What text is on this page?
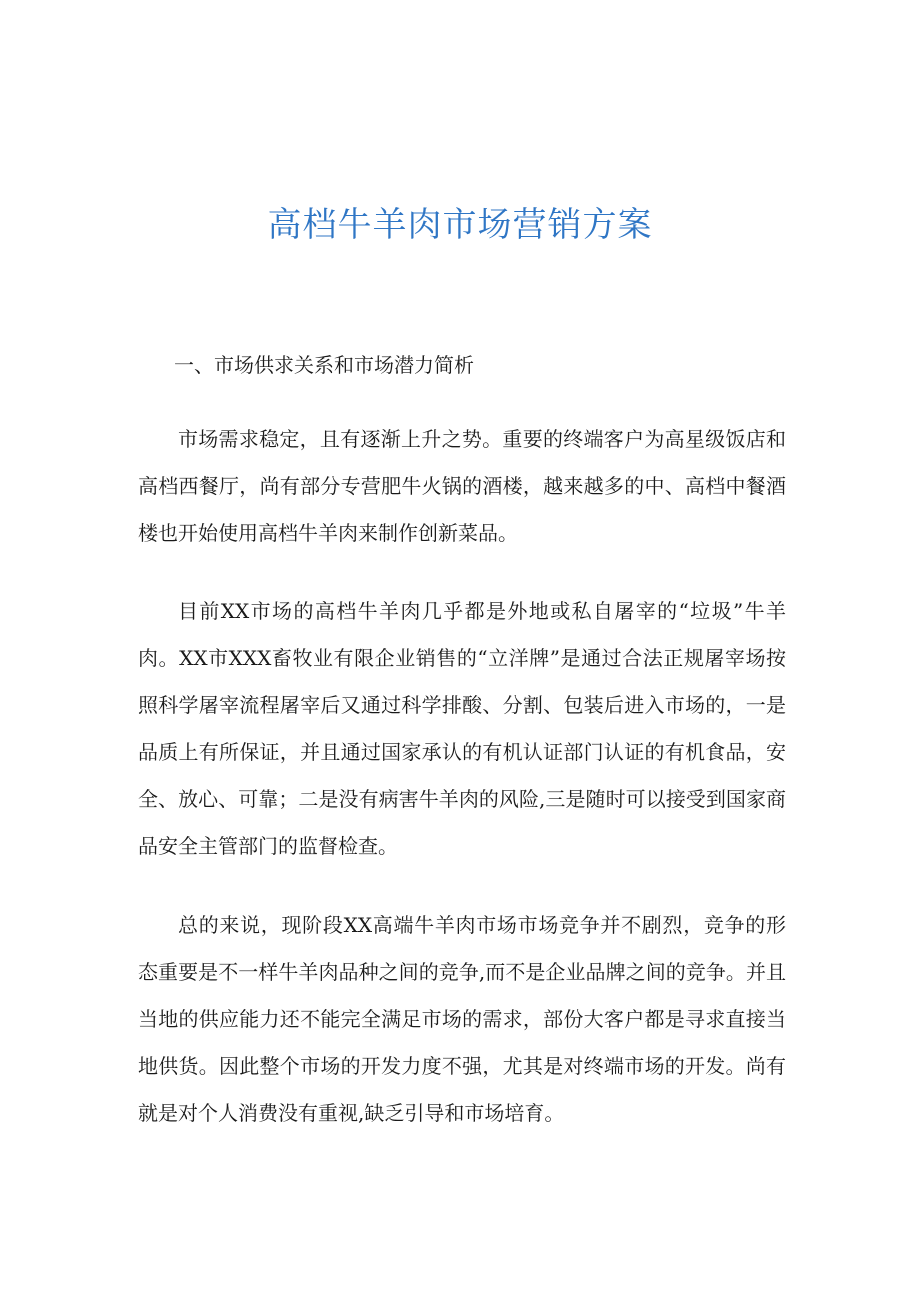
高档牛羊肉市场营销方案
一、市场供求关系和市场潜力简析

市场需求稳定，且有逐渐上升之势。重要的终端客户为高星级饭店和高档西餐厅，尚有部分专营肥牛火锅的酒楼，越来越多的中、高档中餐酒楼也开始使用高档牛羊肉来制作创新菜品。

目前XX市场的高档牛羊肉几乎都是外地或私自屠宰的“垃圾”牛羊肉。XX市XXX畜牧业有限企业销售的“立洋牌”是通过合法正规屠宰场按照科学屠宰流程屠宰后又通过科学排酸、分割、包装后进入市场的，一是品质上有所保证，并且通过国家承认的有机认证部门认证的有机食品，安全、放心、可靠；二是没有病害牛羊肉的风险,三是随时可以接受到国家商品安全主管部门的监督检查。

总的来说，现阶段XX高端牛羊肉市场市场竞争并不剧烈，竞争的形态重要是不一样牛羊肉品种之间的竞争,而不是企业品牌之间的竞争。并且当地的供应能力还不能完全满足市场的需求，部份大客户都是寻求直接当地供货。因此整个市场的开发力度不强，尤其是对终端市场的开发。尚有就是对个人消费没有重视,缺乏引导和市场培育。
